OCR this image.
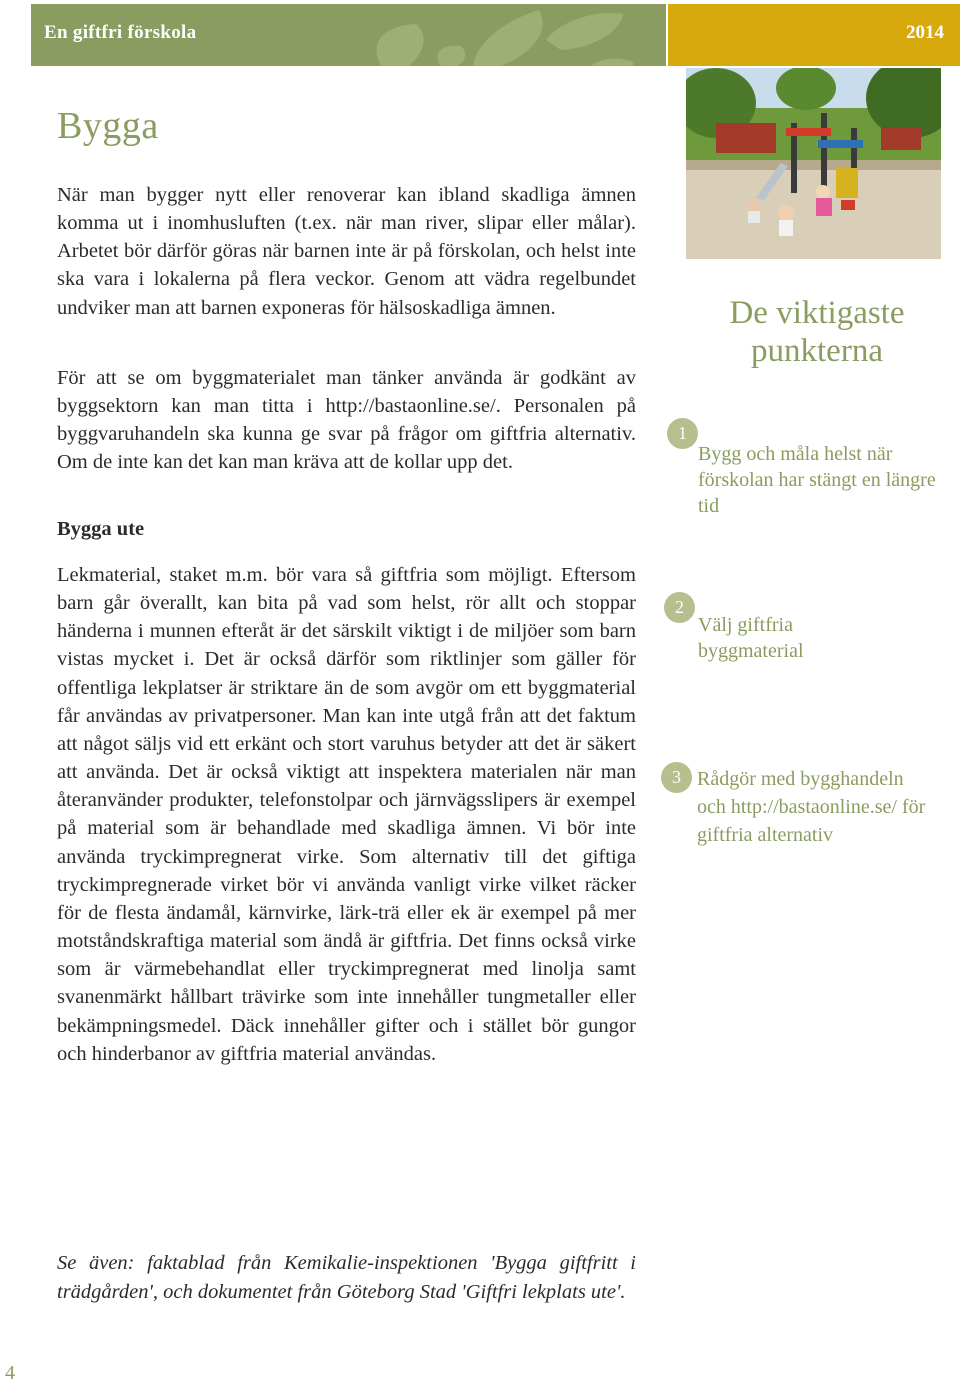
En giftfri förskola	2014
Bygga

När man bygger nytt eller renoverar kan ibland skadliga ämnen komma ut i inomhusluften (t.ex. när man river, slipar eller målar). Arbetet bör därför göras när barnen inte är på förskolan, och helst inte ska vara i lokalerna på flera veckor. Genom att vädra regelbundet undviker man att barnen exponeras för hälsoskadliga ämnen.

För att se om byggmaterialet man tänker använda är godkänt av byggsektorn kan man titta i http://bastaonline.se/. Personalen på byggvaruhandeln ska kunna ge svar på frågor om giftfria alternativ. Om de inte kan det kan man kräva att de kollar upp det.

Bygga ute

Lekmaterial, staket m.m. bör vara så giftfria som möjligt. Eftersom barn går överallt, kan bita på vad som helst, rör allt och stoppar händerna i munnen efteråt är det särskilt viktigt i de miljöer som barn vistas mycket i. Det är också därför som riktlinjer som gäller för offentliga lekplatser är striktare än de som avgör om ett byggmaterial får användas av privatpersoner. Man kan inte utgå från att det faktum att något säljs vid ett erkänt och stort varuhus betyder att det är säkert att använda. Det är också viktigt att inspektera materialen när man återanvänder produkter, telefonstolpar och järnvägsslipers är exempel på material som är behandlade med skadliga ämnen. Vi bör inte använda tryckimpregnerat virke. Som alternativ till det giftiga tryckimpregnerade virket bör vi använda vanligt virke vilket räcker för de flesta ändamål, kärnvirke, lärk-trä eller ek är exempel på mer motståndskraftiga material som ändå är giftfria. Det finns också virke som är värmebehandlat eller tryckimpregnerat med linolja samt svanenmärkt hållbart trävirke som inte innehåller tungmetaller eller bekämpningsmedel. Däck innehåller gifter och i stället bör gungor och hinderbanor av giftfria material användas.

Se även: faktablad från Kemikalie-inspektionen 'Bygga giftfritt i trädgården', och dokumentet från Göteborg Stad 'Giftfri lekplats ute'.

4
De viktigaste punkterna
1
Bygg och måla helst när förskolan har stängt en längre tid
2
Välj giftfria byggmaterial
3 Rådgör med bygghandeln och http://bastaonline.se/ för giftfria alternativ
